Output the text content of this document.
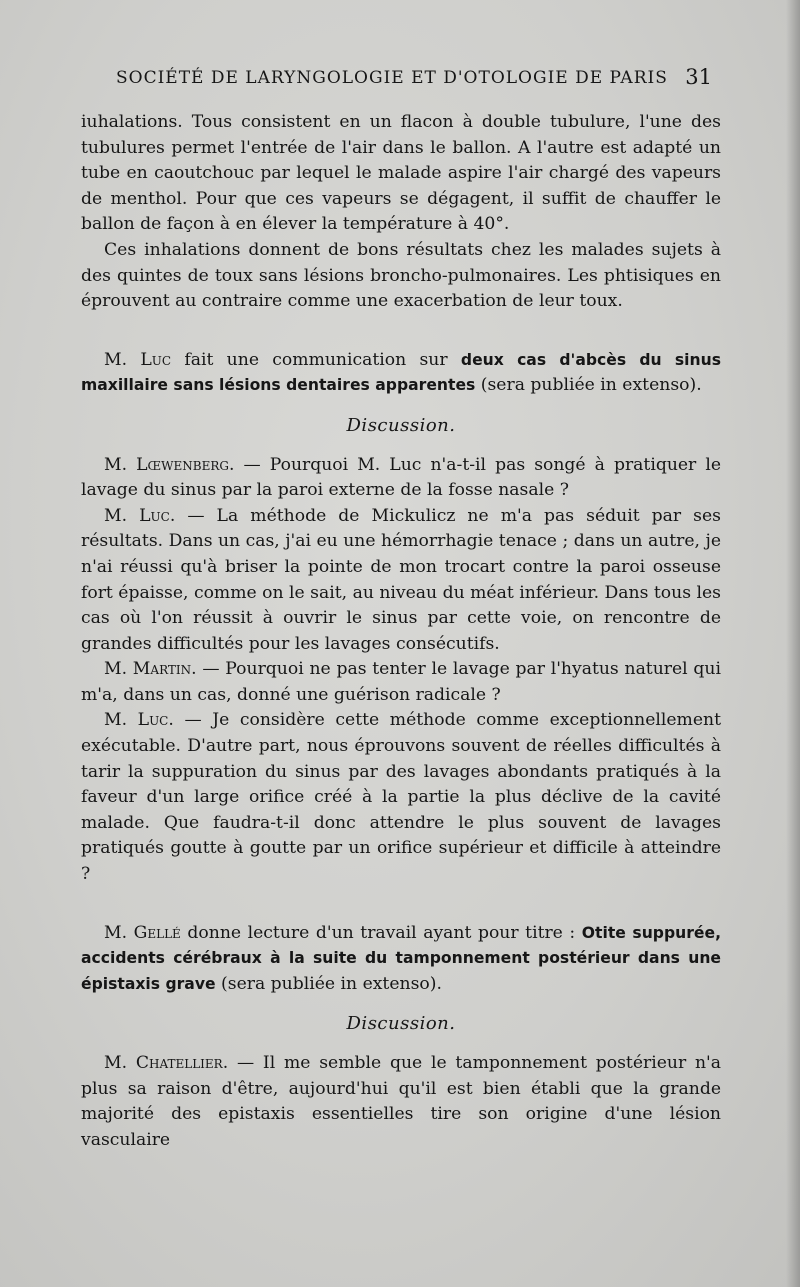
SOCIÉTÉ DE LARYNGOLOGIE ET D'OTOLOGIE DE PARIS 31

iuhalations. Tous consistent en un flacon à double tubulure, l'une des tubulures permet l'entrée de l'air dans le ballon. A l'autre est adapté un tube en caoutchouc par lequel le malade aspire l'air chargé des vapeurs de menthol. Pour que ces vapeurs se dégagent, il suffit de chauffer le ballon de façon à en élever la température à 40°.

Ces inhalations donnent de bons résultats chez les malades sujets à des quintes de toux sans lésions broncho-pulmonaires. Les phtisiques en éprouvent au contraire comme une exacerbation de leur toux.

M. Luc fait une communication sur deux cas d'abcès du sinus maxillaire sans lésions dentaires apparentes (sera publiée in extenso).

Discussion.

M. Lœwenberg. — Pourquoi M. Luc n'a-t-il pas songé à pratiquer le lavage du sinus par la paroi externe de la fosse nasale ?

M. Luc. — La méthode de Mickulicz ne m'a pas séduit par ses résultats. Dans un cas, j'ai eu une hémorrhagie tenace ; dans un autre, je n'ai réussi qu'à briser la pointe de mon trocart contre la paroi osseuse fort épaisse, comme on le sait, au niveau du méat inférieur. Dans tous les cas où l'on réussit à ouvrir le sinus par cette voie, on rencontre de grandes difficultés pour les lavages consécutifs.

M. Martin. — Pourquoi ne pas tenter le lavage par l'hyatus naturel qui m'a, dans un cas, donné une guérison radicale ?

M. Luc. — Je considère cette méthode comme exceptionnellement exécutable. D'autre part, nous éprouvons souvent de réelles difficultés à tarir la suppuration du sinus par des lavages abondants pratiqués à la faveur d'un large orifice créé à la partie la plus déclive de la cavité malade. Que faudra-t-il donc attendre le plus souvent de lavages pratiqués goutte à goutte par un orifice supérieur et difficile à atteindre ?

M. Gellé donne lecture d'un travail ayant pour titre : Otite suppurée, accidents cérébraux à la suite du tamponnement postérieur dans une épistaxis grave (sera publiée in extenso).

Discussion.

M. Chatellier. — Il me semble que le tamponnement postérieur n'a plus sa raison d'être, aujourd'hui qu'il est bien établi que la grande majorité des epistaxis essentielles tire son origine d'une lésion vasculaire
